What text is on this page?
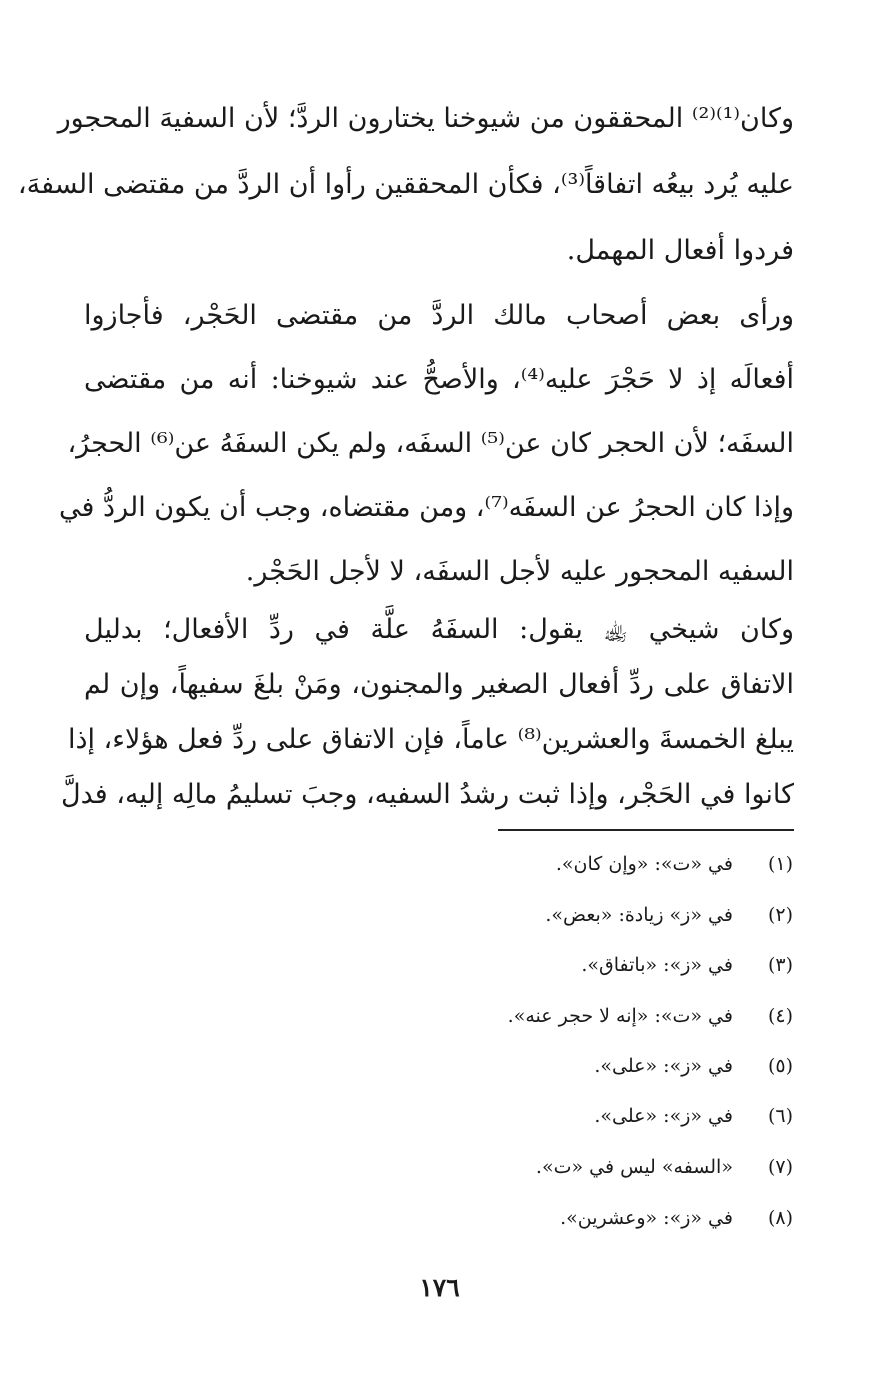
وكان⁽¹⁾⁽²⁾ المحققون من شيوخنا يختارون الردَّ؛ لأن السفيهَ المحجور
عليه يُرد بيعُه اتفاقاً⁽³⁾، فكأن المحققين رأوا أن الردَّ من مقتضى السفهَ،
فردوا أفعال المهمل.
ورأى بعض أصحاب مالك الردَّ من مقتضى الحَجْر، فأجازوا
أفعالَه إذ لا حَجْرَ عليه⁽⁴⁾، والأصحُّ عند شيوخنا: أنه من مقتضى
السفَه؛ لأن الحجر كان عن⁽⁵⁾ السفَه، ولم يكن السفَهُ عن⁽⁶⁾ الحجرُ،
وإذا كان الحجرُ عن السفَه⁽⁷⁾، ومن مقتضاه، وجب أن يكون الردُّ في
السفيه المحجور عليه لأجل السفَه، لا لأجل الحَجْر.
وكان شيخي ﵀ يقول: السفَهُ علَّة في ردِّ الأفعال؛ بدليل
الاتفاق على ردِّ أفعال الصغير والمجنون، ومَنْ بلغَ سفيهاً، وإن لم
يبلغ الخمسةَ والعشرين⁽⁸⁾ عاماً، فإن الاتفاق على ردِّ فعل هؤلاء، إذا
كانوا في الحَجْر، وإذا ثبت رشدُ السفيه، وجبَ تسليمُ مالِه إليه، فدلَّ
(١) في «ت»: «وإن كان».
(٢) في «ز» زيادة: «بعض».
(٣) في «ز»: «باتفاق».
(٤) في «ت»: «إنه لا حجر عنه».
(٥) في «ز»: «على».
(٦) في «ز»: «على».
(٧) «السفه» ليس في «ت».
(٨) في «ز»: «وعشرين».
١٧٦
